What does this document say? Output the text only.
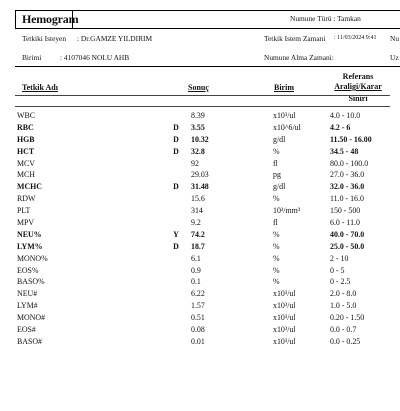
Hemogram	Numune Türü : Tamkan
Tetkiki Isteyen : Dr.GAMZE YILDIRIM	Tetkik Istem Zamani : 11/03/2024 9:41 Nu
Birimi	: 4107046 NOLU AHB	Numune Alma Zamani:	Uz
Tetkik Adı	Sonuç	Birim
Referans
Araligi/Karar
Siniri
WBC	8.39	x10³/ul	4.0 - 10.0
RBC	D 3.55	x10^6/ul	4.2 - 6
HGB	D 10.32	g/dl	11.50 - 16.00
HCT	D 32.8	%	34.5 - 48
MCV	92	fl	80.0 - 100.0
MCH	29.03	pg	27.0 - 36.0
MCHC	D 31.48	g/dl	32.0 - 36.0
RDW	15.6	%	11.0 - 16.0
PLT	314	10³/mm³	150 - 500
MPV	9.2	fl	6.0 - 11.0
NEU%	Y 74.2	%	40.0 - 70.0
LYM%	D 18.7	%	25.0 - 50.0
MONO%	6.1	%	2 - 10
EOS%	0.9	%	0 - 5
BASO%	0.1	%	0 - 2.5
NEU#	6.22	x10³/ul	2.0 - 8.0
LYM#	1.57	x10³/ul	1.0 - 5.0
MONO#	0.51	x10³/ul	0.20 - 1.50
EOS#	0.08	x10³/ul	0.0 - 0.7
BASO#	0.01	x10³/ul	0.0 - 0.25
